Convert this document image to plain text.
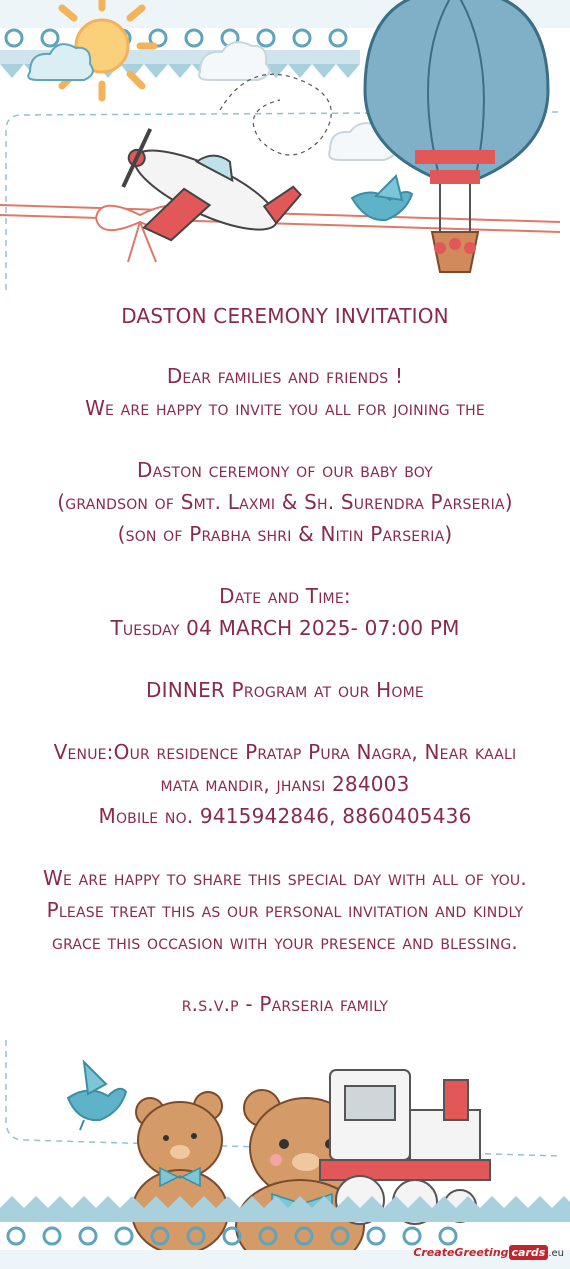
DASTON CEREMONY INVITATION

Dear families and friends !

We are happy to invite you all for joining the

Daston ceremony of our baby boy

(grandson of Smt. Laxmi & Sh. Surendra Parseria)

(son of Prabha shri & Nitin Parseria)

Date and Time:

Tuesday 04 MARCH 2025- 07:00 PM

DINNER Program at our Home

Venue:Our residence Pratap Pura Nagra, Near kaali

mata mandir, jhansi 284003

Mobile no. 9415942846, 8860405436

We are happy to share this special day with all of you.

Please treat this as our personal invitation and kindly

grace this occasion with your presence and blessing.

r.s.v.p - Parseria family

CreateGreeting cards .eu
